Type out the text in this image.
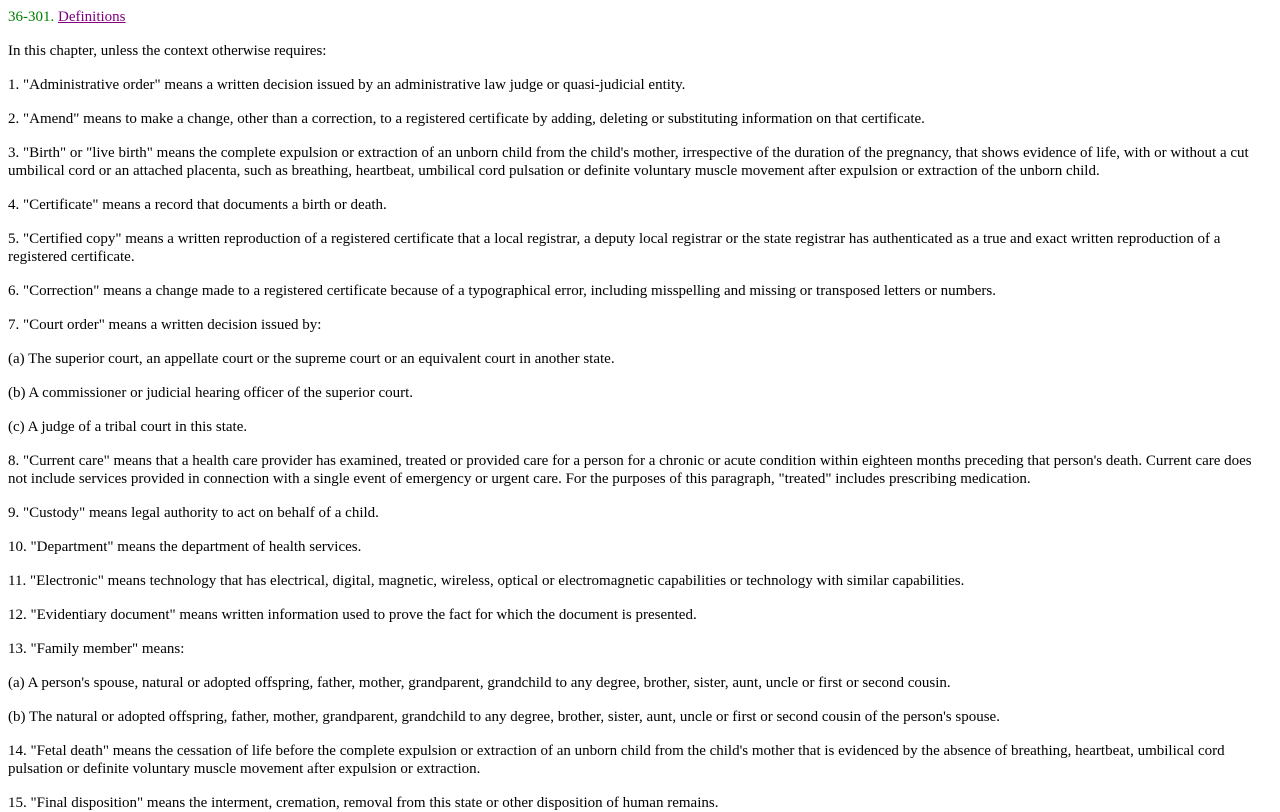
36-301. Definitions

In this chapter, unless the context otherwise requires:

1. "Administrative order" means a written decision issued by an administrative law judge or quasi-judicial entity.

2. "Amend" means to make a change, other than a correction, to a registered certificate by adding, deleting or substituting information on that certificate.

3. "Birth" or "live birth" means the complete expulsion or extraction of an unborn child from the child's mother, irrespective of the duration of the pregnancy, that shows evidence of life, with or without a cut umbilical cord or an attached placenta, such as breathing, heartbeat, umbilical cord pulsation or definite voluntary muscle movement after expulsion or extraction of the unborn child.

4. "Certificate" means a record that documents a birth or death.

5. "Certified copy" means a written reproduction of a registered certificate that a local registrar, a deputy local registrar or the state registrar has authenticated as a true and exact written reproduction of a registered certificate.

6. "Correction" means a change made to a registered certificate because of a typographical error, including misspelling and missing or transposed letters or numbers.

7. "Court order" means a written decision issued by:

(a) The superior court, an appellate court or the supreme court or an equivalent court in another state.

(b) A commissioner or judicial hearing officer of the superior court.

(c) A judge of a tribal court in this state.

8. "Current care" means that a health care provider has examined, treated or provided care for a person for a chronic or acute condition within eighteen months preceding that person's death. Current care does not include services provided in connection with a single event of emergency or urgent care. For the purposes of this paragraph, "treated" includes prescribing medication.

9. "Custody" means legal authority to act on behalf of a child.

10. "Department" means the department of health services.

11. "Electronic" means technology that has electrical, digital, magnetic, wireless, optical or electromagnetic capabilities or technology with similar capabilities.

12. "Evidentiary document" means written information used to prove the fact for which the document is presented.

13. "Family member" means:

(a) A person's spouse, natural or adopted offspring, father, mother, grandparent, grandchild to any degree, brother, sister, aunt, uncle or first or second cousin.

(b) The natural or adopted offspring, father, mother, grandparent, grandchild to any degree, brother, sister, aunt, uncle or first or second cousin of the person's spouse.

14. "Fetal death" means the cessation of life before the complete expulsion or extraction of an unborn child from the child's mother that is evidenced by the absence of breathing, heartbeat, umbilical cord pulsation or definite voluntary muscle movement after expulsion or extraction.

15. "Final disposition" means the interment, cremation, removal from this state or other disposition of human remains.
